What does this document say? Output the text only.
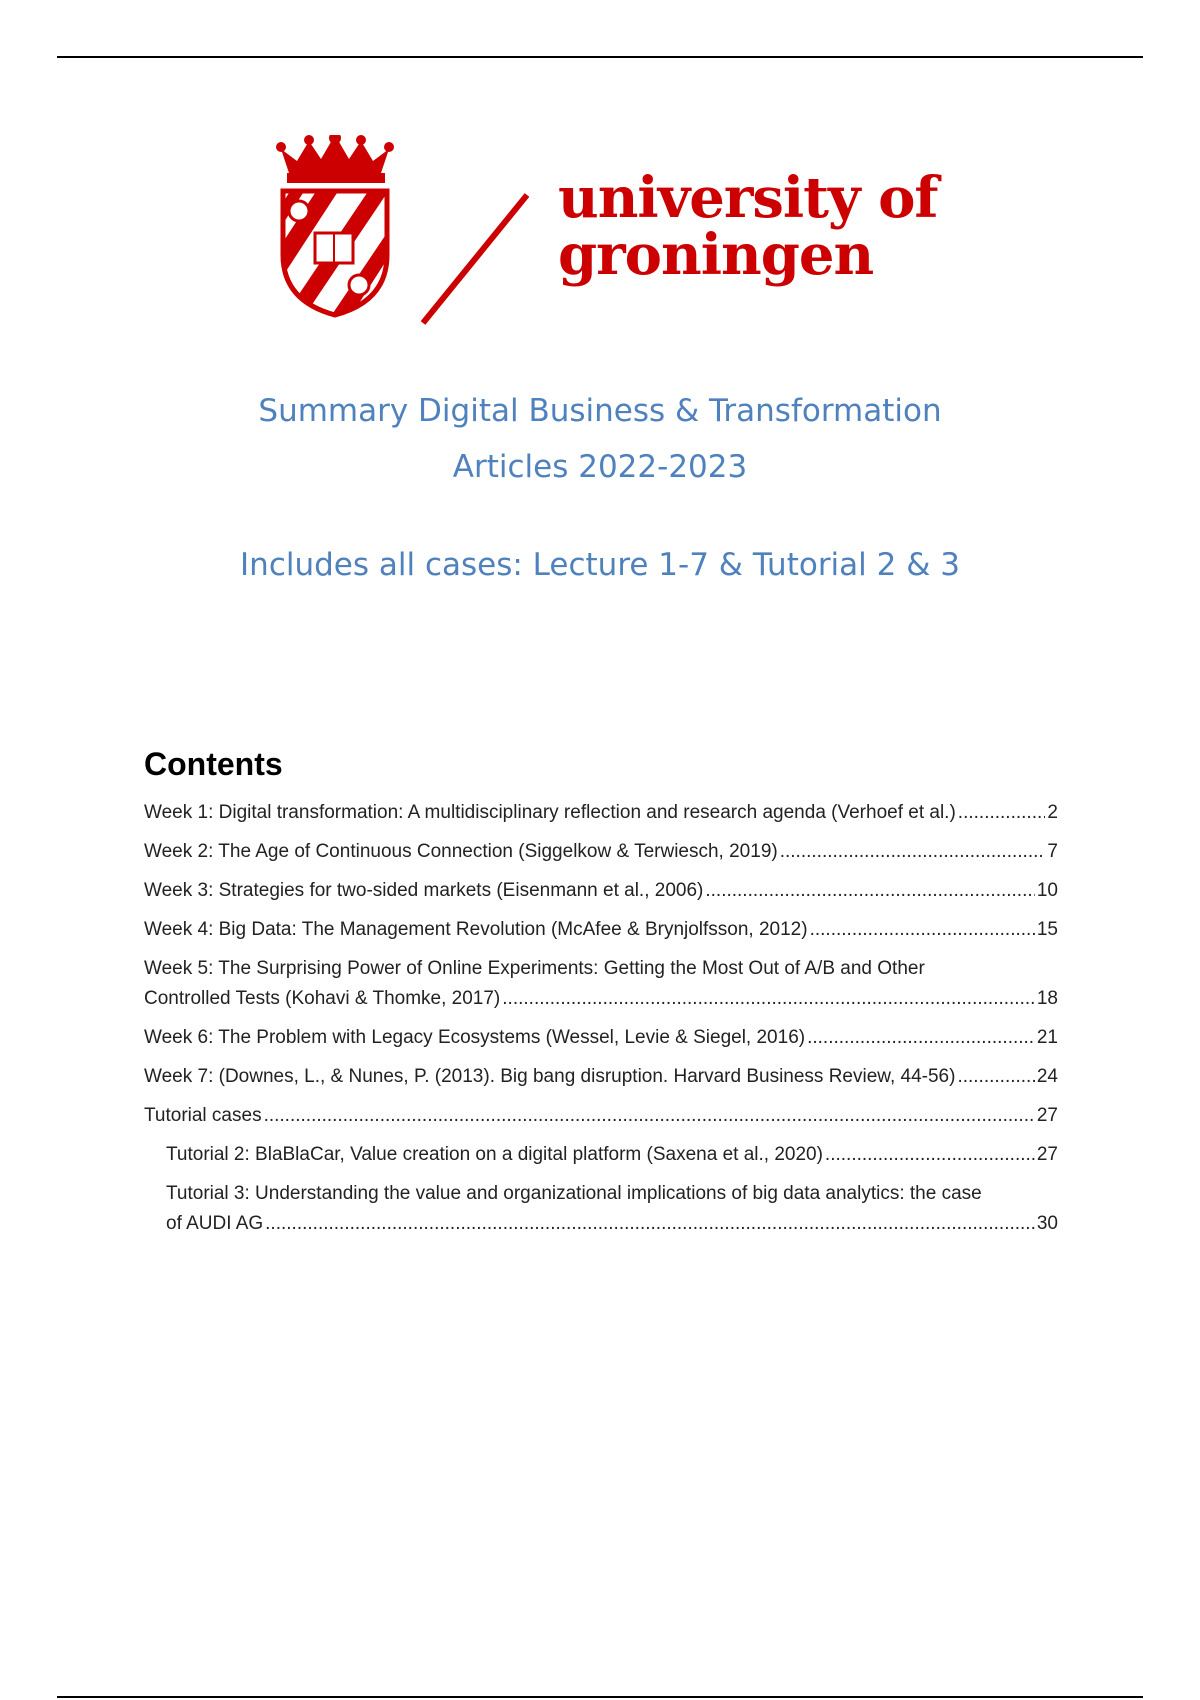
university of
groningen
Summary Digital Business & Transformation
Articles 2022-2023
Includes all cases: Lecture 1-7 & Tutorial 2 & 3
Contents
Week 1: Digital transformation: A multidisciplinary reflection and research agenda (Verhoef et al.) .....	2
Week 2: The Age of Continuous Connection (Siggelkow & Terwiesch, 2019) .....	7
Week 3: Strategies for two-sided markets (Eisenmann et al., 2006) .....	10
Week 4: Big Data: The Management Revolution (McAfee & Brynjolfsson, 2012) .....	15
Week 5: The Surprising Power of Online Experiments: Getting the Most Out of A/B and Other
Controlled Tests (Kohavi & Thomke, 2017) .....	18
Week 6: The Problem with Legacy Ecosystems (Wessel, Levie & Siegel, 2016) .....	21
Week 7: (Downes, L., & Nunes, P. (2013). Big bang disruption. Harvard Business Review, 44-56) .....	24
Tutorial cases .....	27
Tutorial 2: BlaBlaCar, Value creation on a digital platform (Saxena et al., 2020) .....	27
Tutorial 3: Understanding the value and organizational implications of big data analytics: the case
of AUDI AG .....	30
